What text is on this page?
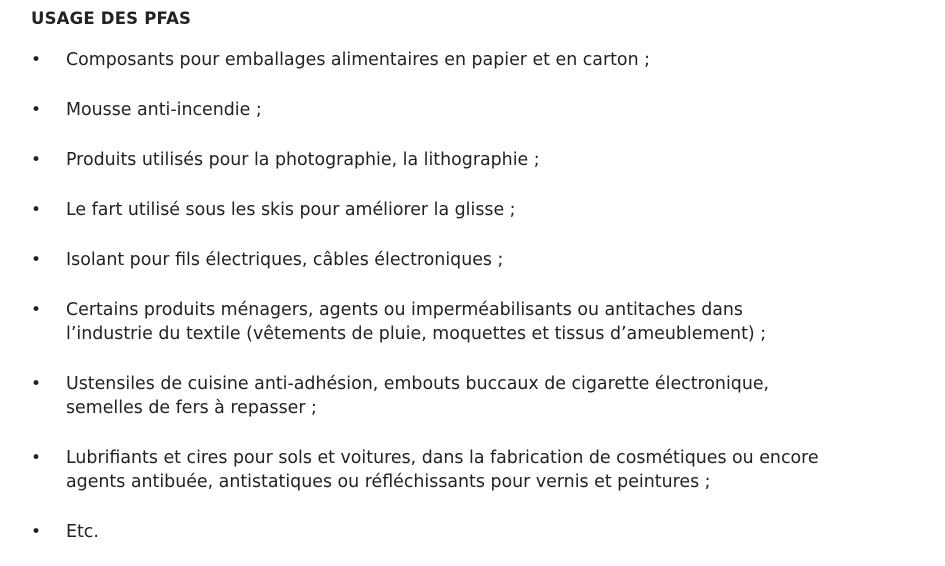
USAGE DES PFAS
•	Composants pour emballages alimentaires en papier et en carton ;
•	Mousse anti-incendie ;
•	Produits utilisés pour la photographie, la lithographie ;
•	Le fart utilisé sous les skis pour améliorer la glisse ;
•	Isolant pour fils électriques, câbles électroniques ;
•	Certains produits ménagers, agents ou imperméabilisants ou antitaches dans
l’industrie du textile (vêtements de pluie, moquettes et tissus d’ameublement) ;
•	Ustensiles de cuisine anti-adhésion, embouts buccaux de cigarette électronique,
semelles de fers à repasser ;
•	Lubrifiants et cires pour sols et voitures, dans la fabrication de cosmétiques ou encore
agents antibuée, antistatiques ou réfléchissants pour vernis et peintures ;
•	Etc.
